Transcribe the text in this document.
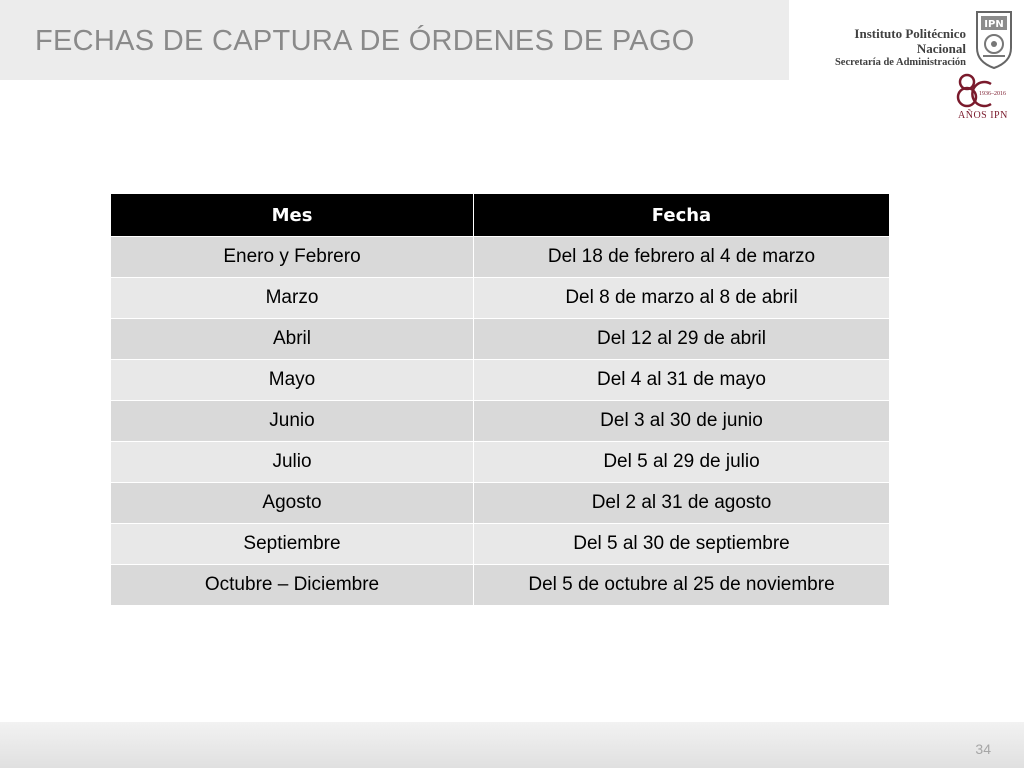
FECHAS DE CAPTURA DE ÓRDENES DE PAGO	Instituto Politécnico Nacional
Secretaría de Administración
IPN
1936–2016
AÑOS IPN
Mes	Fecha
Enero y Febrero	Del 18 de febrero al 4 de marzo
Marzo	Del 8 de marzo al 8 de abril
Abril	Del 12 al 29 de abril
Mayo	Del 4 al 31 de mayo
Junio	Del 3 al 30 de junio
Julio	Del 5 al 29 de julio
Agosto	Del 2 al 31 de agosto
Septiembre	Del 5 al 30 de septiembre
Octubre – Diciembre	Del 5 de octubre al 25 de noviembre
34
